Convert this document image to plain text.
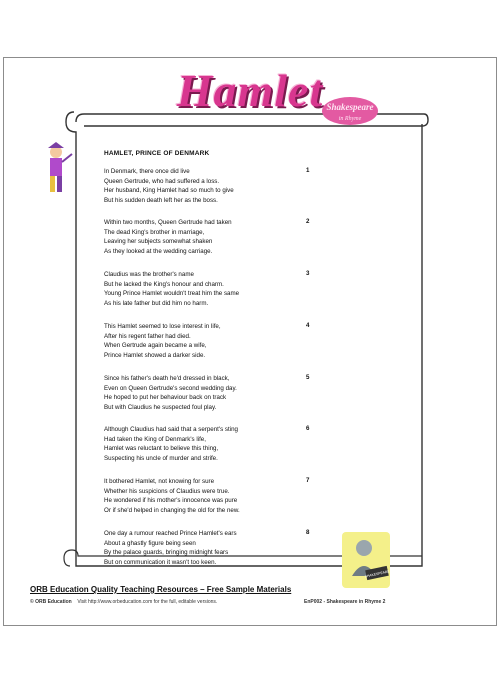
Hamlet Shakespeare
in Rhyme
HAMLET, PRINCE OF DENMARK
In Denmark, there once did live
Queen Gertrude, who had suffered a loss.
Her husband, King Hamlet had so much to give
But his sudden death left her as the boss.
1
Within two months, Queen Gertrude had taken
The dead King's brother in marriage,
Leaving her subjects somewhat shaken
As they looked at the wedding carriage.
2
Claudius was the brother's name
But he lacked the King's honour and charm.
Young Prince Hamlet wouldn't treat him the same
As his late father but did him no harm.
3
This Hamlet seemed to lose interest in life,
After his regent father had died.
When Gertrude again became a wife,
Prince Hamlet showed a darker side.
4
Since his father's death he'd dressed in black,
Even on Queen Gertrude's second wedding day.
He hoped to put her behaviour back on track
But with Claudius he suspected foul play.
5
Although Claudius had said that a serpent's sting
Had taken the King of Denmark's life,
Hamlet was reluctant to believe this thing,
Suspecting his uncle of murder and strife.
6
It bothered Hamlet, not knowing for sure
Whether his suspicions of Claudius were true.
He wondered if his mother's innocence was pure
Or if she'd helped in changing the old for the new.
7
One day a rumour reached Prince Hamlet's ears
About a ghastly figure being seen
By the palace guards, bringing midnight fears
But on communication it wasn't too keen.
8
SHAKESPEARE
ORB Education Quality Teaching Resources – Free Sample Materials
© ORB Education Visit http://www.orbeducation.com for the full, editable versions.	EnP002 - Shakespeare in Rhyme 2
